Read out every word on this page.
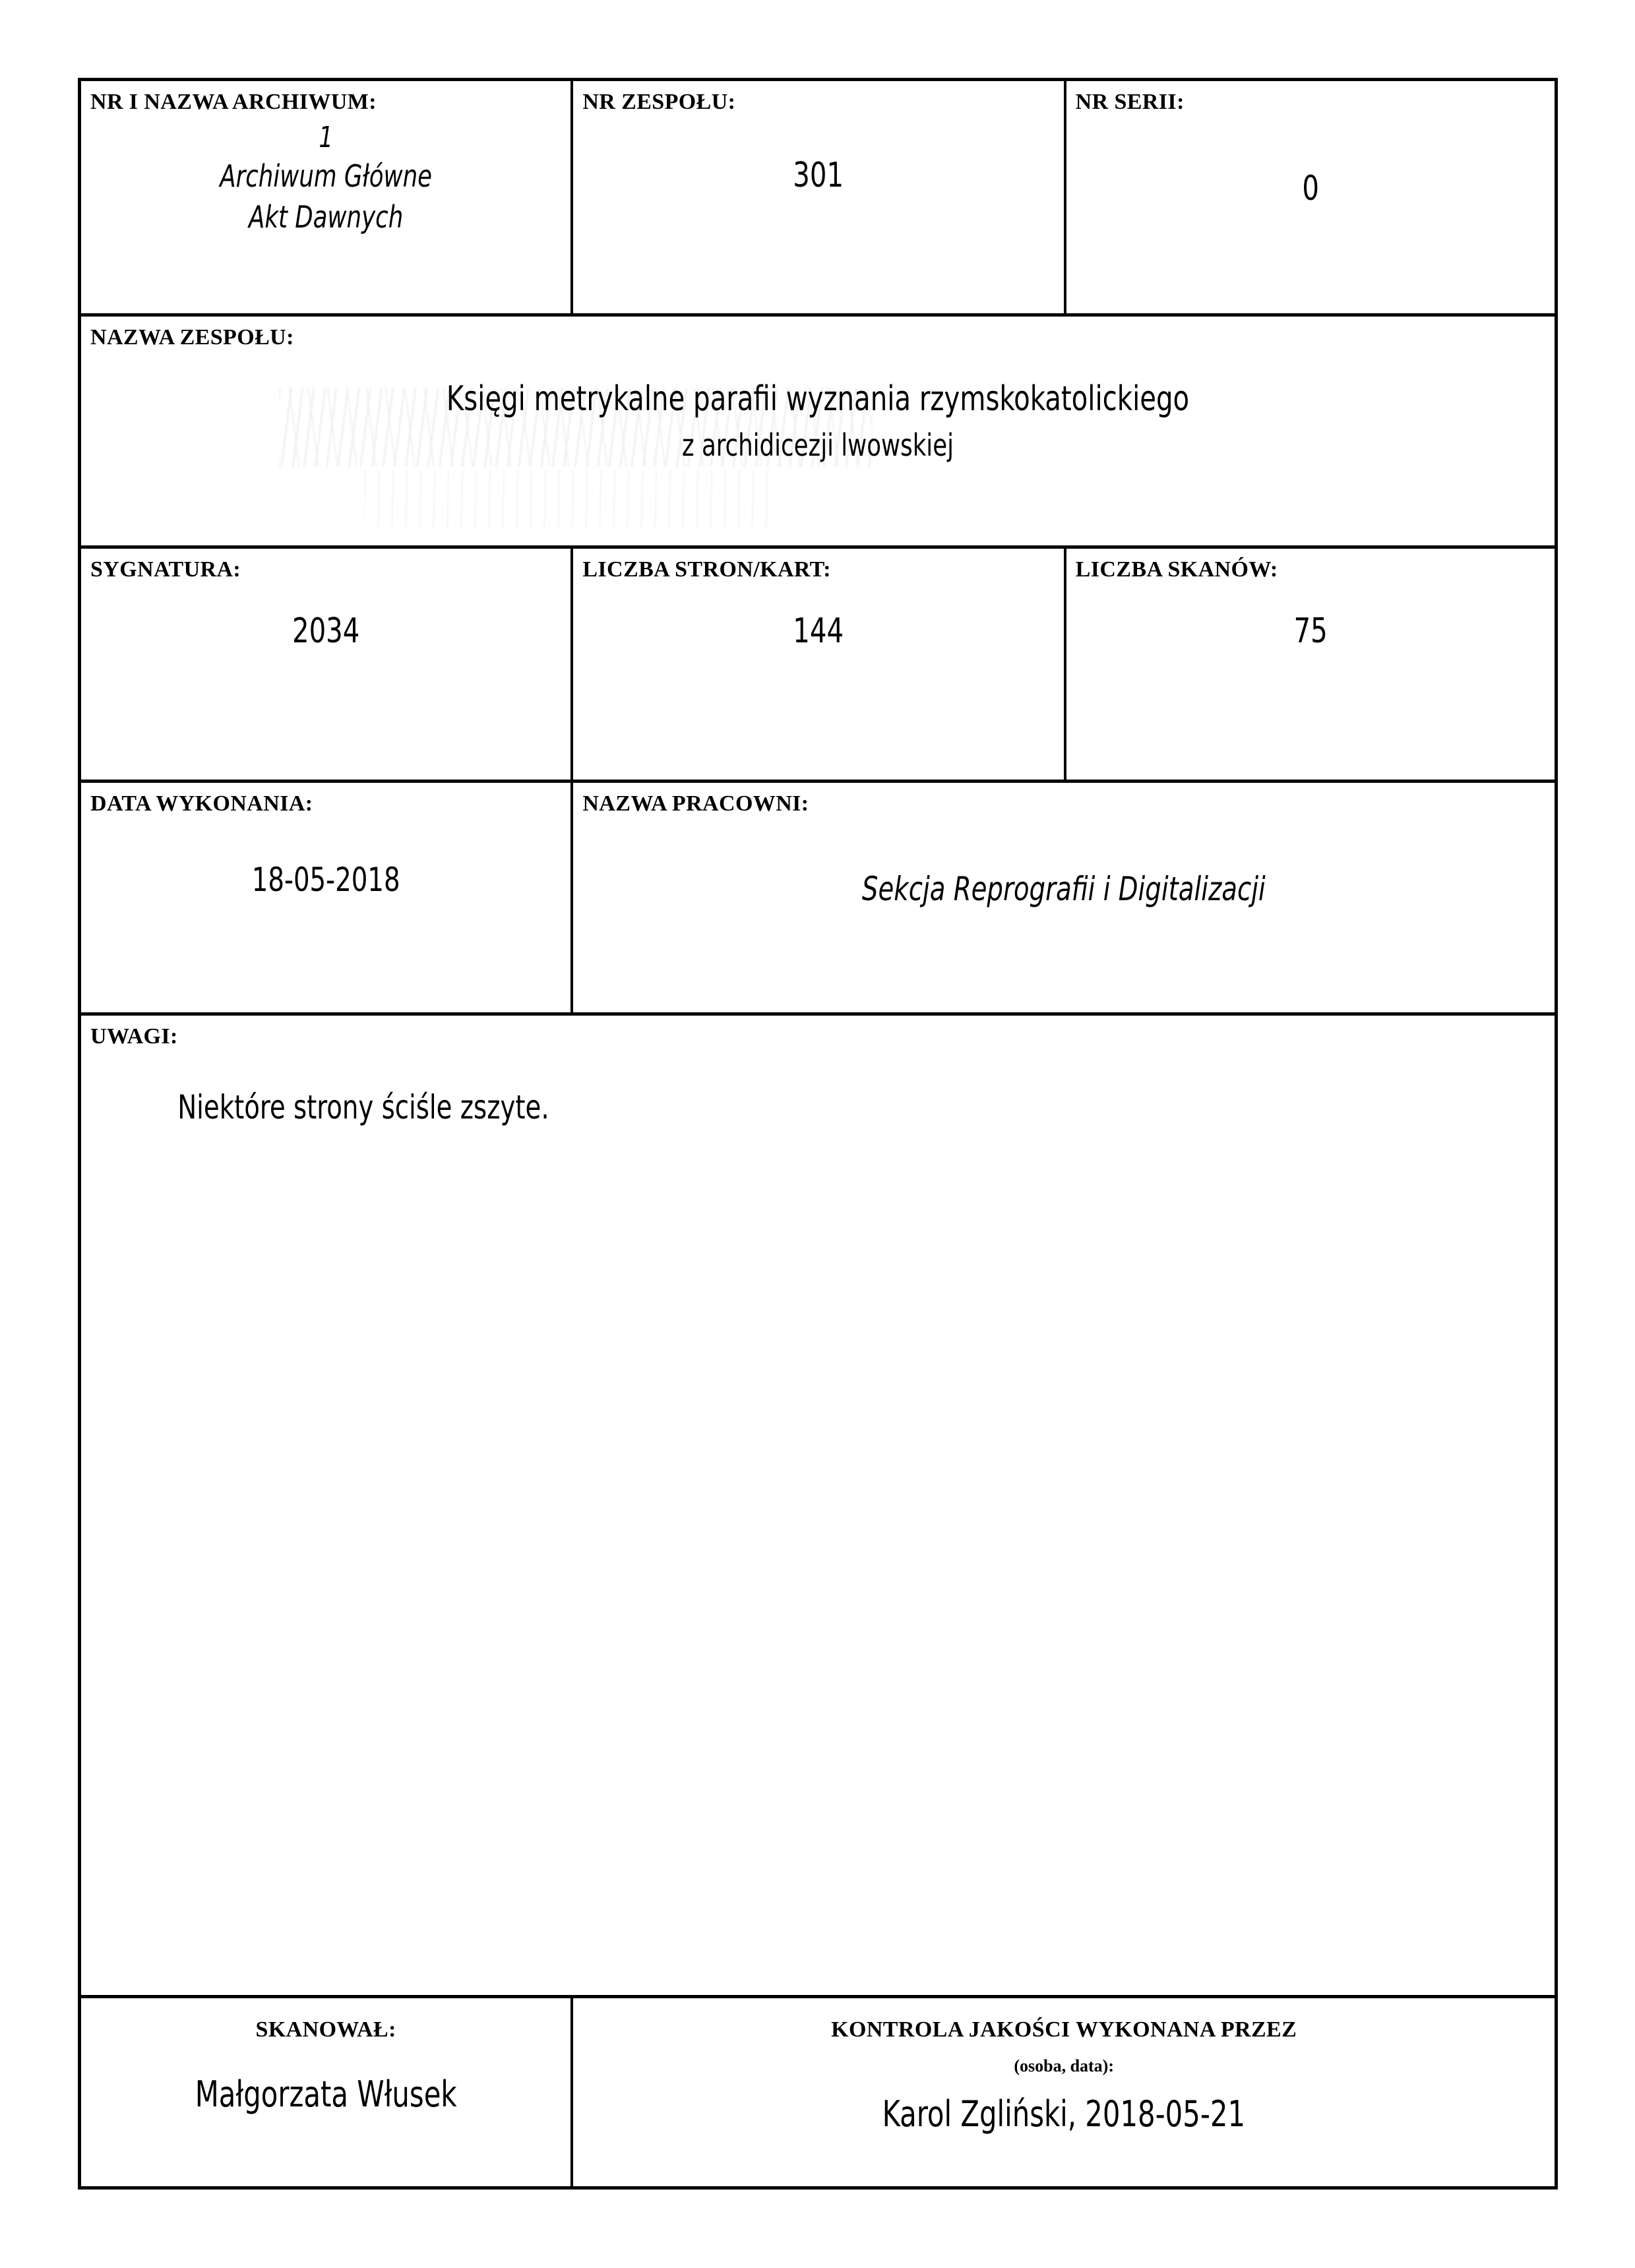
NR I NAZWA ARCHIWUM:
1
Archiwum Główne
Akt Dawnych
NR ZESPOŁU:
301
NR SERII:
0
NAZWA ZESPOŁU:
Księgi metrykalne parafii wyznania rzymskokatolickiego
z archidicezji lwowskiej
SYGNATURA:
2034
LICZBA STRON/KART:
144
LICZBA SKANÓW:
75
DATA WYKONANIA:
18-05-2018
NAZWA PRACOWNI:
Sekcja Reprografii i Digitalizacji
UWAGI:
Niektóre strony ściśle zszyte.
SKANOWAŁ:
Małgorzata Włusek
KONTROLA JAKOŚCI WYKONANA PRZEZ
(osoba, data):
Karol Zgliński, 2018-05-21
